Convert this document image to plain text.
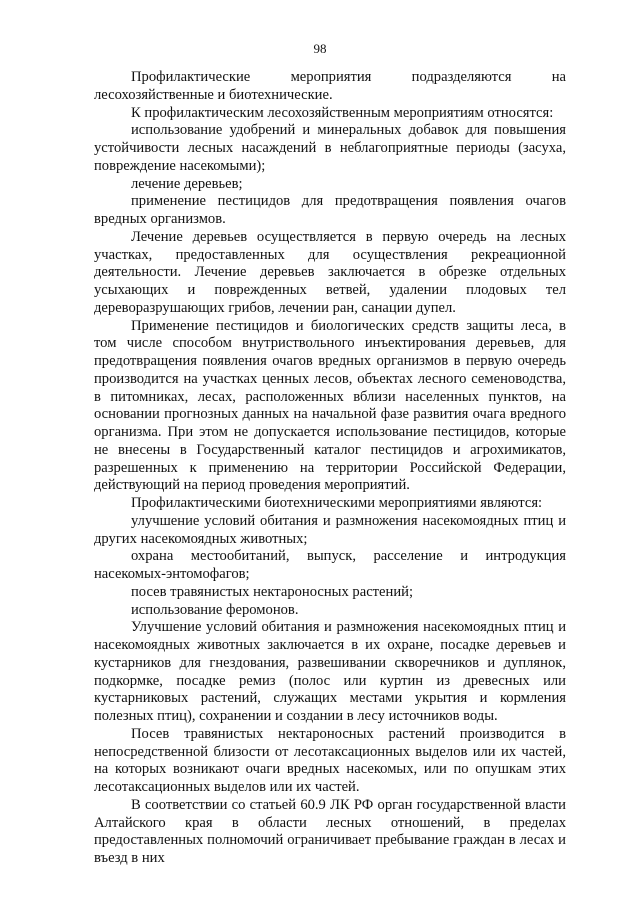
98

Профилактические мероприятия подразделяются на лесохозяйственные и биотехнические.

К профилактическим лесохозяйственным мероприятиям относятся:

использование удобрений и минеральных добавок для повышения устойчивости лесных насаждений в неблагоприятные периоды (засуха, повреждение насекомыми);

лечение деревьев;

применение пестицидов для предотвращения появления очагов вредных организмов.

Лечение деревьев осуществляется в первую очередь на лесных участках, предоставленных для осуществления рекреационной деятельности. Лечение деревьев заключается в обрезке отдельных усыхающих и поврежденных ветвей, удалении плодовых тел дереворазрушающих грибов, лечении ран, санации дупел.

Применение пестицидов и биологических средств защиты леса, в том числе способом внутриствольного инъектирования деревьев, для предотвращения появления очагов вредных организмов в первую очередь производится на участках ценных лесов, объектах лесного семеноводства, в питомниках, лесах, расположенных вблизи населенных пунктов, на основании прогнозных данных на начальной фазе развития очага вредного организма. При этом не допускается использование пестицидов, которые не внесены в Государственный каталог пестицидов и агрохимикатов, разрешенных к применению на территории Российской Федерации, действующий на период проведения мероприятий.

Профилактическими биотехническими мероприятиями являются:

улучшение условий обитания и размножения насекомоядных птиц и других насекомоядных животных;

охрана местообитаний, выпуск, расселение и интродукция насекомых-энтомофагов;

посев травянистых нектароносных растений;

использование феромонов.

Улучшение условий обитания и размножения насекомоядных птиц и насекомоядных животных заключается в их охране, посадке деревьев и кустарников для гнездования, развешивании скворечников и дуплянок, подкормке, посадке ремиз (полос или куртин из древесных или кустарниковых растений, служащих местами укрытия и кормления полезных птиц), сохранении и создании в лесу источников воды.

Посев травянистых нектароносных растений производится в непосредственной близости от лесотаксационных выделов или их частей, на которых возникают очаги вредных насекомых, или по опушкам этих лесотаксационных выделов или их частей.

В соответствии со статьей 60.9 ЛК РФ орган государственной власти Алтайского края в области лесных отношений, в пределах предоставленных полномочий ограничивает пребывание граждан в лесах и въезд в них
